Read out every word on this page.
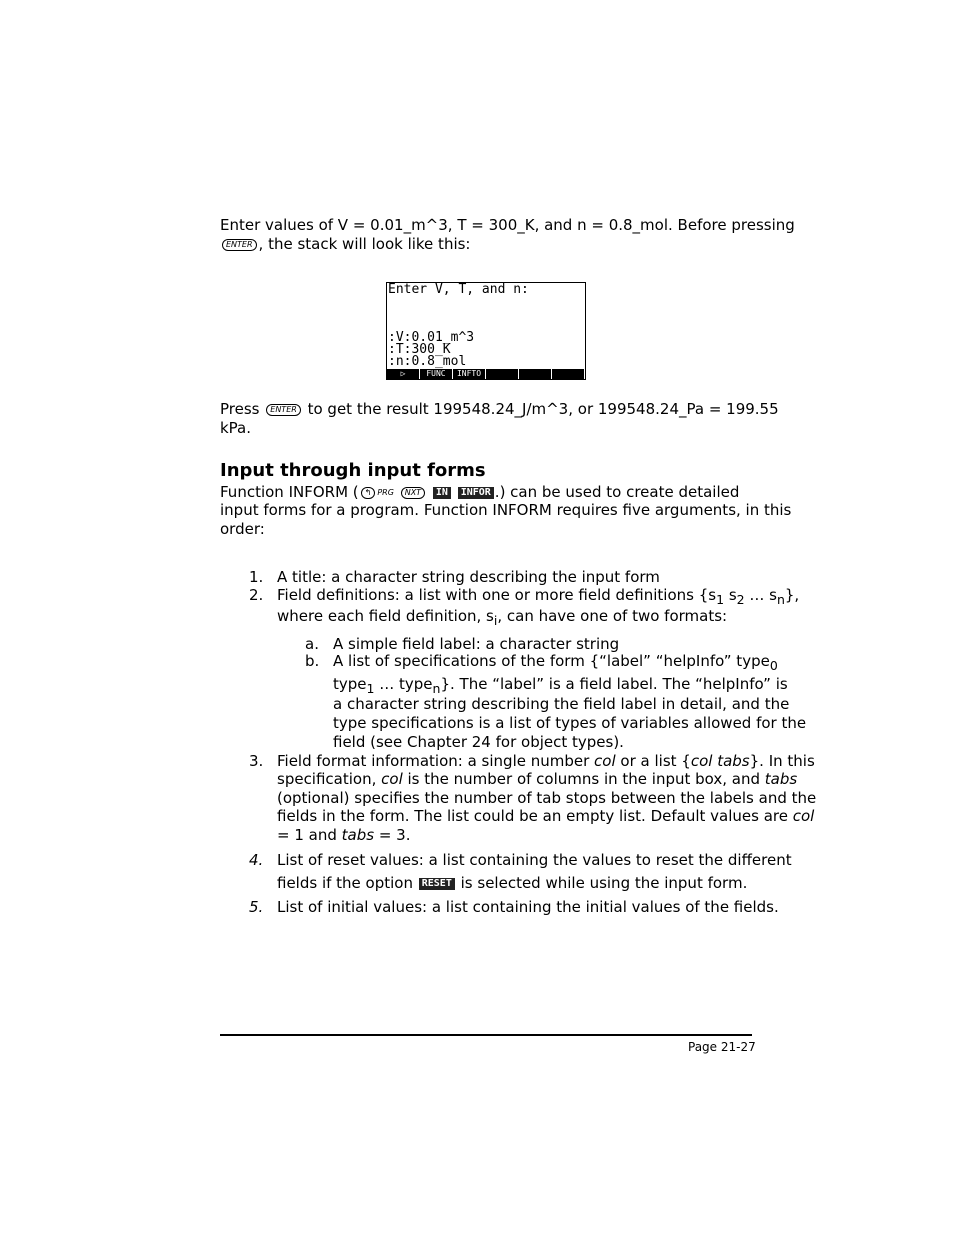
Enter values of V = 0.01_m^3, T = 300_K, and n = 0.8_mol. Before pressing
ENTER , the stack will look like this:
Enter V, T, and n:
:V:0.01_m^3
:T:300_K
:n:0.8_mol
▷	FUNC	INFTO
Press ENTER to get the result 199548.24_J/m^3, or 199548.24_Pa = 199.55
kPa.
Input through input forms
Function INFORM ( ↰ $^{PRG}$ NXT IN INFOR .) can be used to create detailed
input forms for a program. Function INFORM requires five arguments, in this
order:
1. A title: a character string describing the input form
2. Field definitions: a list with one or more field definitions {$s_1$ $s_2$ … $s_n$},
where each field definition, $s_i$, can have one of two formats:
a. A simple field label: a character string
b. A list of specifications of the form {“label” “helpInfo” type$_0$
type$_1$ … type$_n$}. The “label” is a field label. The “helpInfo” is
a character string describing the field label in detail, and the
type specifications is a list of types of variables allowed for the
field (see Chapter 24 for object types).
3. Field format information: a single number col or a list {col tabs}. In this
specification, col is the number of columns in the input box, and tabs
(optional) specifies the number of tab stops between the labels and the
fields in the form. The list could be an empty list. Default values are col
= 1 and tabs = 3.
4. List of reset values: a list containing the values to reset the different
fields if the option RESET is selected while using the input form.
5. List of initial values: a list containing the initial values of the fields.
Page 21-27
